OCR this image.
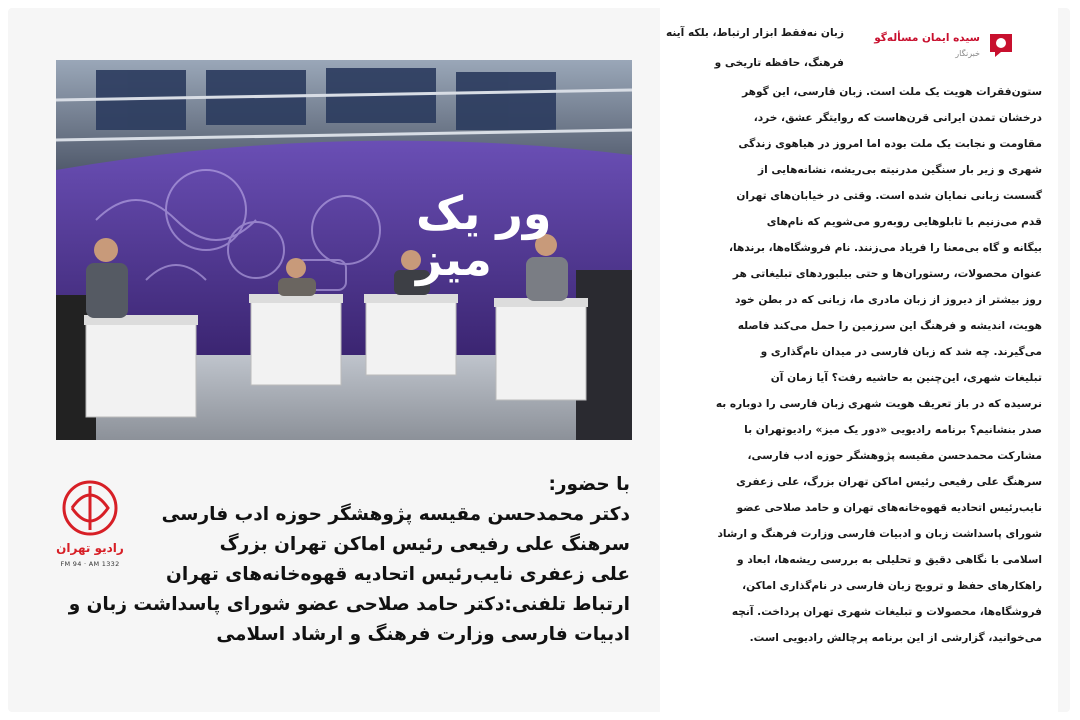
ور یک میز
رادیو تهران
FM 94 · AM 1332
با حضور:
دکتر محمدحسن مقیسه پژوهشگر حوزه ادب فارسی
سرهنگ علی رفیعی رئیس اماکن تهران بزرگ
علی زعفری نایب‌رئیس اتحادیه قهوه‌خانه‌های تهران
ارتباط تلفنی:دکتر حامد صلاحی عضو شورای پاسداشت زبان و
ادبیات فارسی وزارت فرهنگ و ارشاد اسلامی
سیده ایمان مسأله‌گو
خبرنگار
زبان نه‌فقط ابزار ارتباط، بلکه آینه
فرهنگ، حافظه تاریخی و
ستون‌فقرات هویت یک ملت است. زبان فارسی، این گوهر
درخشان تمدن ایرانی قرن‌هاست که روایتگر عشق، خرد،
مقاومت و نجابت یک ملت بوده اما امروز در هیاهوی زندگی
شهری و زیر بار سنگین مدرنیته بی‌ریشه، نشانه‌هایی از
گسست زبانی نمایان شده است. وقتی در خیابان‌های تهران
قدم می‌زنیم با تابلوهایی روبه‌رو می‌شویم که نام‌های
بیگانه و گاه بی‌معنا را فریاد می‌زنند. نام فروشگاه‌ها، برندها،
عنوان محصولات، رستوران‌ها و حتی بیلبوردهای تبلیغاتی هر
روز بیشتر از دیروز از زبان مادری ما، زبانی که در بطن خود
هویت، اندیشه و فرهنگ این سرزمین را حمل می‌کند فاصله
می‌گیرند. چه شد که زبان فارسی در میدان نام‌گذاری و
تبلیغات شهری، این‌چنین به حاشیه رفت؟ آیا زمان آن
نرسیده که در باز تعریف هویت شهری زبان فارسی را دوباره به
صدر بنشانیم؟ برنامه رادیویی «دور یک میز» رادیوتهران با
مشارکت محمدحسن مقیسه پژوهشگر حوزه ادب فارسی،
سرهنگ علی رفیعی رئیس اماکن تهران بزرگ، علی زعفری
نایب‌رئیس اتحادیه قهوه‌خانه‌های تهران و حامد صلاحی عضو
شورای پاسداشت زبان و ادبیات فارسی وزارت فرهنگ و ارشاد
اسلامی با نگاهی دقیق و تحلیلی به بررسی ریشه‌ها، ابعاد و
راهکارهای حفظ و ترویج زبان فارسی در نام‌گذاری اماکن،
فروشگاه‌ها، محصولات و تبلیغات شهری تهران پرداخت. آنچه
می‌خوانید، گزارشی از این برنامه پرچالش رادیویی است.
